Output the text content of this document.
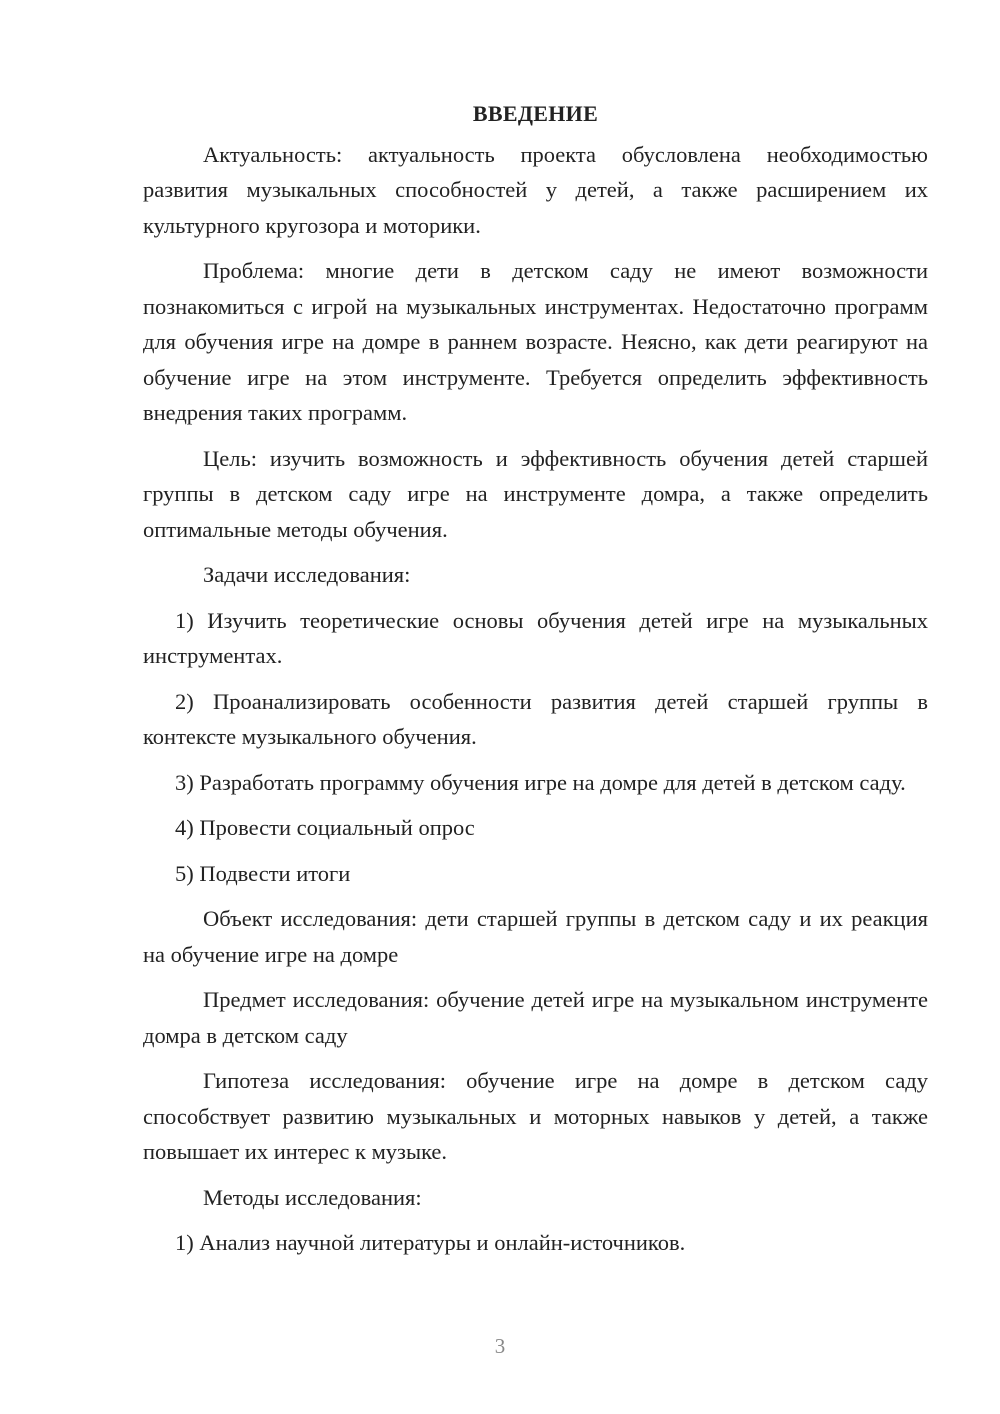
ВВЕДЕНИЕ

Актуальность: актуальность проекта обусловлена необходимостью развития музыкальных способностей у детей, а также расширением их культурного кругозора и моторики.

Проблема: многие дети в детском саду не имеют возможности познакомиться с игрой на музыкальных инструментах. Недостаточно программ для обучения игре на домре в раннем возрасте. Неясно, как дети реагируют на обучение игре на этом инструменте. Требуется определить эффективность внедрения таких программ.

Цель: изучить возможность и эффективность обучения детей старшей группы в детском саду игре на инструменте домра, а также определить оптимальные методы обучения.

Задачи исследования:

1) Изучить теоретические основы обучения детей игре на музыкальных инструментах.

2) Проанализировать особенности развития детей старшей группы в контексте музыкального обучения.

3) Разработать программу обучения игре на домре для детей в детском саду.

4) Провести социальный опрос

5) Подвести итоги

Объект исследования: дети старшей группы в детском саду и их реакция на обучение игре на домре

Предмет исследования: обучение детей игре на музыкальном инструменте домра в детском саду

Гипотеза исследования: обучение игре на домре в детском саду способствует развитию музыкальных и моторных навыков у детей, а также повышает их интерес к музыке.

Методы исследования:

1) Анализ научной литературы и онлайн-источников.

3
